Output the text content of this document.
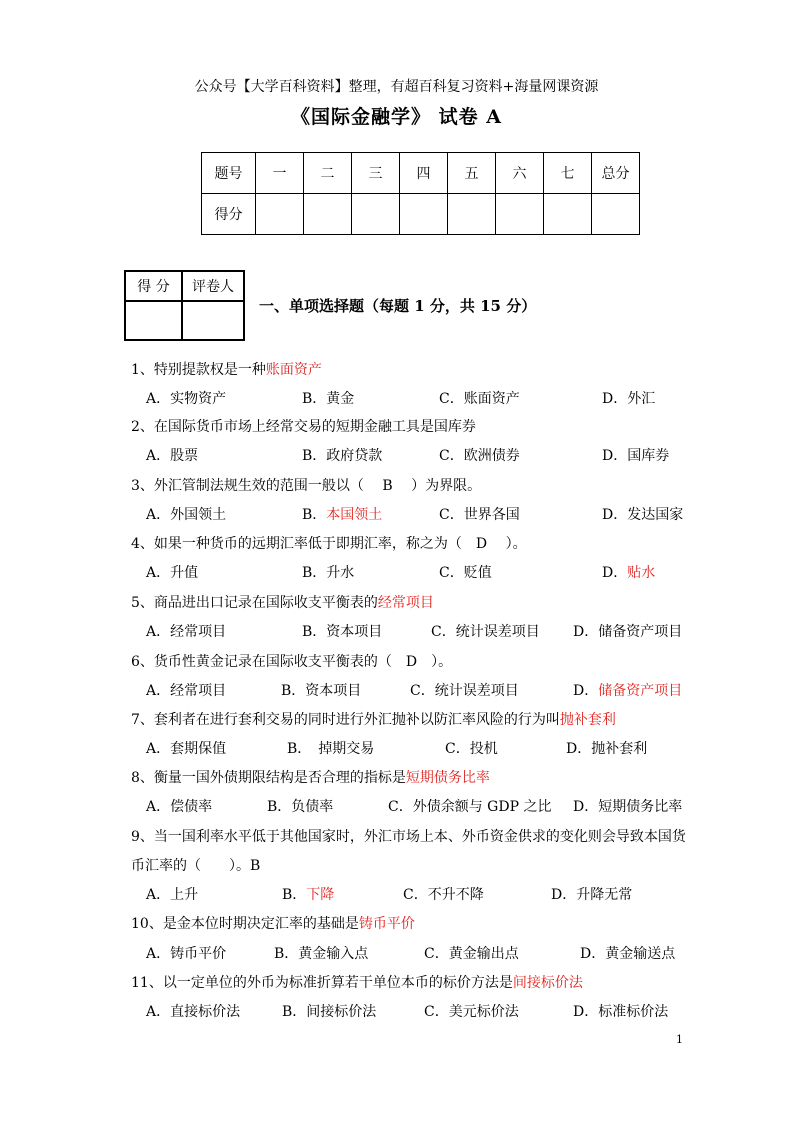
公众号【大学百科资料】整理，有超百科复习资料+海量网课资源
《国际金融学》 试卷 A
题号	一	二	三	四	五	六	七	总分
得分								
得 分	评卷人

一、单项选择题（每题 1 分，共 15 分）
1、特别提款权是一种账面资产
A．实物资产	B．黄金	C．账面资产	D．外汇
2、在国际货币市场上经常交易的短期金融工具是国库券
A．股票	B．政府贷款	C．欧洲债券	D．国库券
3、外汇管制法规生效的范围一般以（　 B　 ）为界限。
A．外国领土	B．本国领土	C．世界各国	D．发达国家
4、如果一种货币的远期汇率低于即期汇率，称之为（　D　 ）。
A．升值	B．升水	C．贬值	D．贴水
5、商品进出口记录在国际收支平衡表的经常项目
A．经常项目	B．资本项目	C．统计误差项目 D．储备资产项目
6、货币性黄金记录在国际收支平衡表的（　D　）。
A．经常项目	B．资本项目	C．统计误差项目	D．储备资产项目
7、套利者在进行套利交易的同时进行外汇抛补以防汇率风险的行为叫抛补套利
A．套期保值	B．　掉期交易	C．投机	D．抛补套利
8、衡量一国外债期限结构是否合理的指标是短期债务比率
A．偿债率	B．负债率	C．外债余额与 GDP 之比 D．短期债务比率
9、当一国利率水平低于其他国家时，外汇市场上本、外币资金供求的变化则会导致本国货
币汇率的（　　）。B
A．上升	B．下降	C．不升不降	D．升降无常
10、是金本位时期决定汇率的基础是铸币平价
A．铸币平价	B．黄金输入点	C．黄金输出点	D．黄金输送点
11、以一定单位的外币为标准折算若干单位本币的标价方法是间接标价法
A．直接标价法	B．间接标价法	C．美元标价法	D．标准标价法
1
